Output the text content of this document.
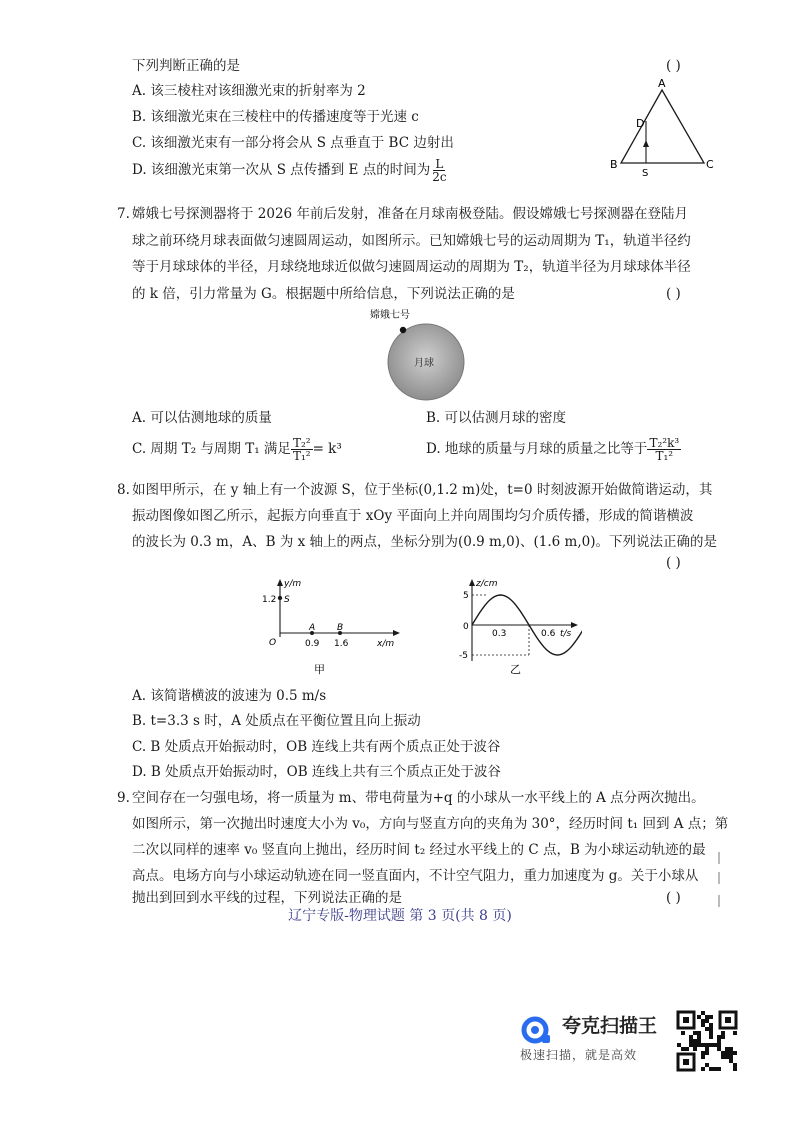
下列判断正确的是	( )
A. 该三棱柱对该细激光束的折射率为 2
B. 该细激光束在三棱柱中的传播速度等于光速 c
C. 该细激光束有一部分将会从 S 点垂直于 BC 边射出
D. 该细激光束第一次从 S 点传播到 E 点的时间为 $\frac{L}{2c}$
A
B	C
D
S
7. 嫦娥七号探测器将于 2026 年前后发射，准备在月球南极登陆。假设嫦娥七号探测器在登陆月
球之前环绕月球表面做匀速圆周运动，如图所示。已知嫦娥七号的运动周期为 T₁，轨道半径约
等于月球球体的半径，月球绕地球近似做匀速圆周运动的周期为 T₂，轨道半径为月球球体半径
的 k 倍，引力常量为 G。根据题中所给信息，下列说法正确的是	( )
嫦娥七号
月球
A. 可以估测地球的质量	B. 可以估测月球的密度
C. 周期 T₂ 与周期 T₁ 满足 $\frac{\text{T₂²}}{\text{T₁²}} = k^3$	D. 地球的质量与月球的质量之比等于 $\frac{\text{T₂²k³}}{\text{T₁²}}$
8. 如图甲所示，在 y 轴上有一个波源 S，位于坐标(0,1.2 m)处，t=0 时刻波源开始做简谐运动，其
振动图像如图乙所示，起振方向垂直于 xOy 平面向上并向周围均匀介质传播，形成的简谐横波
的波长为 0.3 m，A、B 为 x 轴上的两点，坐标分别为(0.9 m,0)、(1.6 m,0)。下列说法正确的是
( )
y/m
1.2 S
O
A B
0.9 1.6	x/m
甲
z/cm
5
0
-5
0.3	0.6 t/s
乙
A. 该简谐横波的波速为 0.5 m/s
B. t=3.3 s 时，A 处质点在平衡位置且向上振动
C. B 处质点开始振动时，OB 连线上共有两个质点正处于波谷
D. B 处质点开始振动时，OB 连线上共有三个质点正处于波谷
9. 空间存在一匀强电场，将一质量为 m、带电荷量为+q 的小球从一水平线上的 A 点分两次抛出。
如图所示，第一次抛出时速度大小为 v₀，方向与竖直方向的夹角为 30°，经历时间 t₁ 回到 A 点；第
二次以同样的速率 v₀ 竖直向上抛出，经历时间 t₂ 经过水平线上的 C 点，B 为小球运动轨迹的最
高点。电场方向与小球运动轨迹在同一竖直面内，不计空气阻力，重力加速度为 g。关于小球从
抛出到回到水平线的过程，下列说法正确的是	( )
辽宁专版-物理试题 第 3 页(共 8 页)
夸克扫描王
极速扫描，就是高效
